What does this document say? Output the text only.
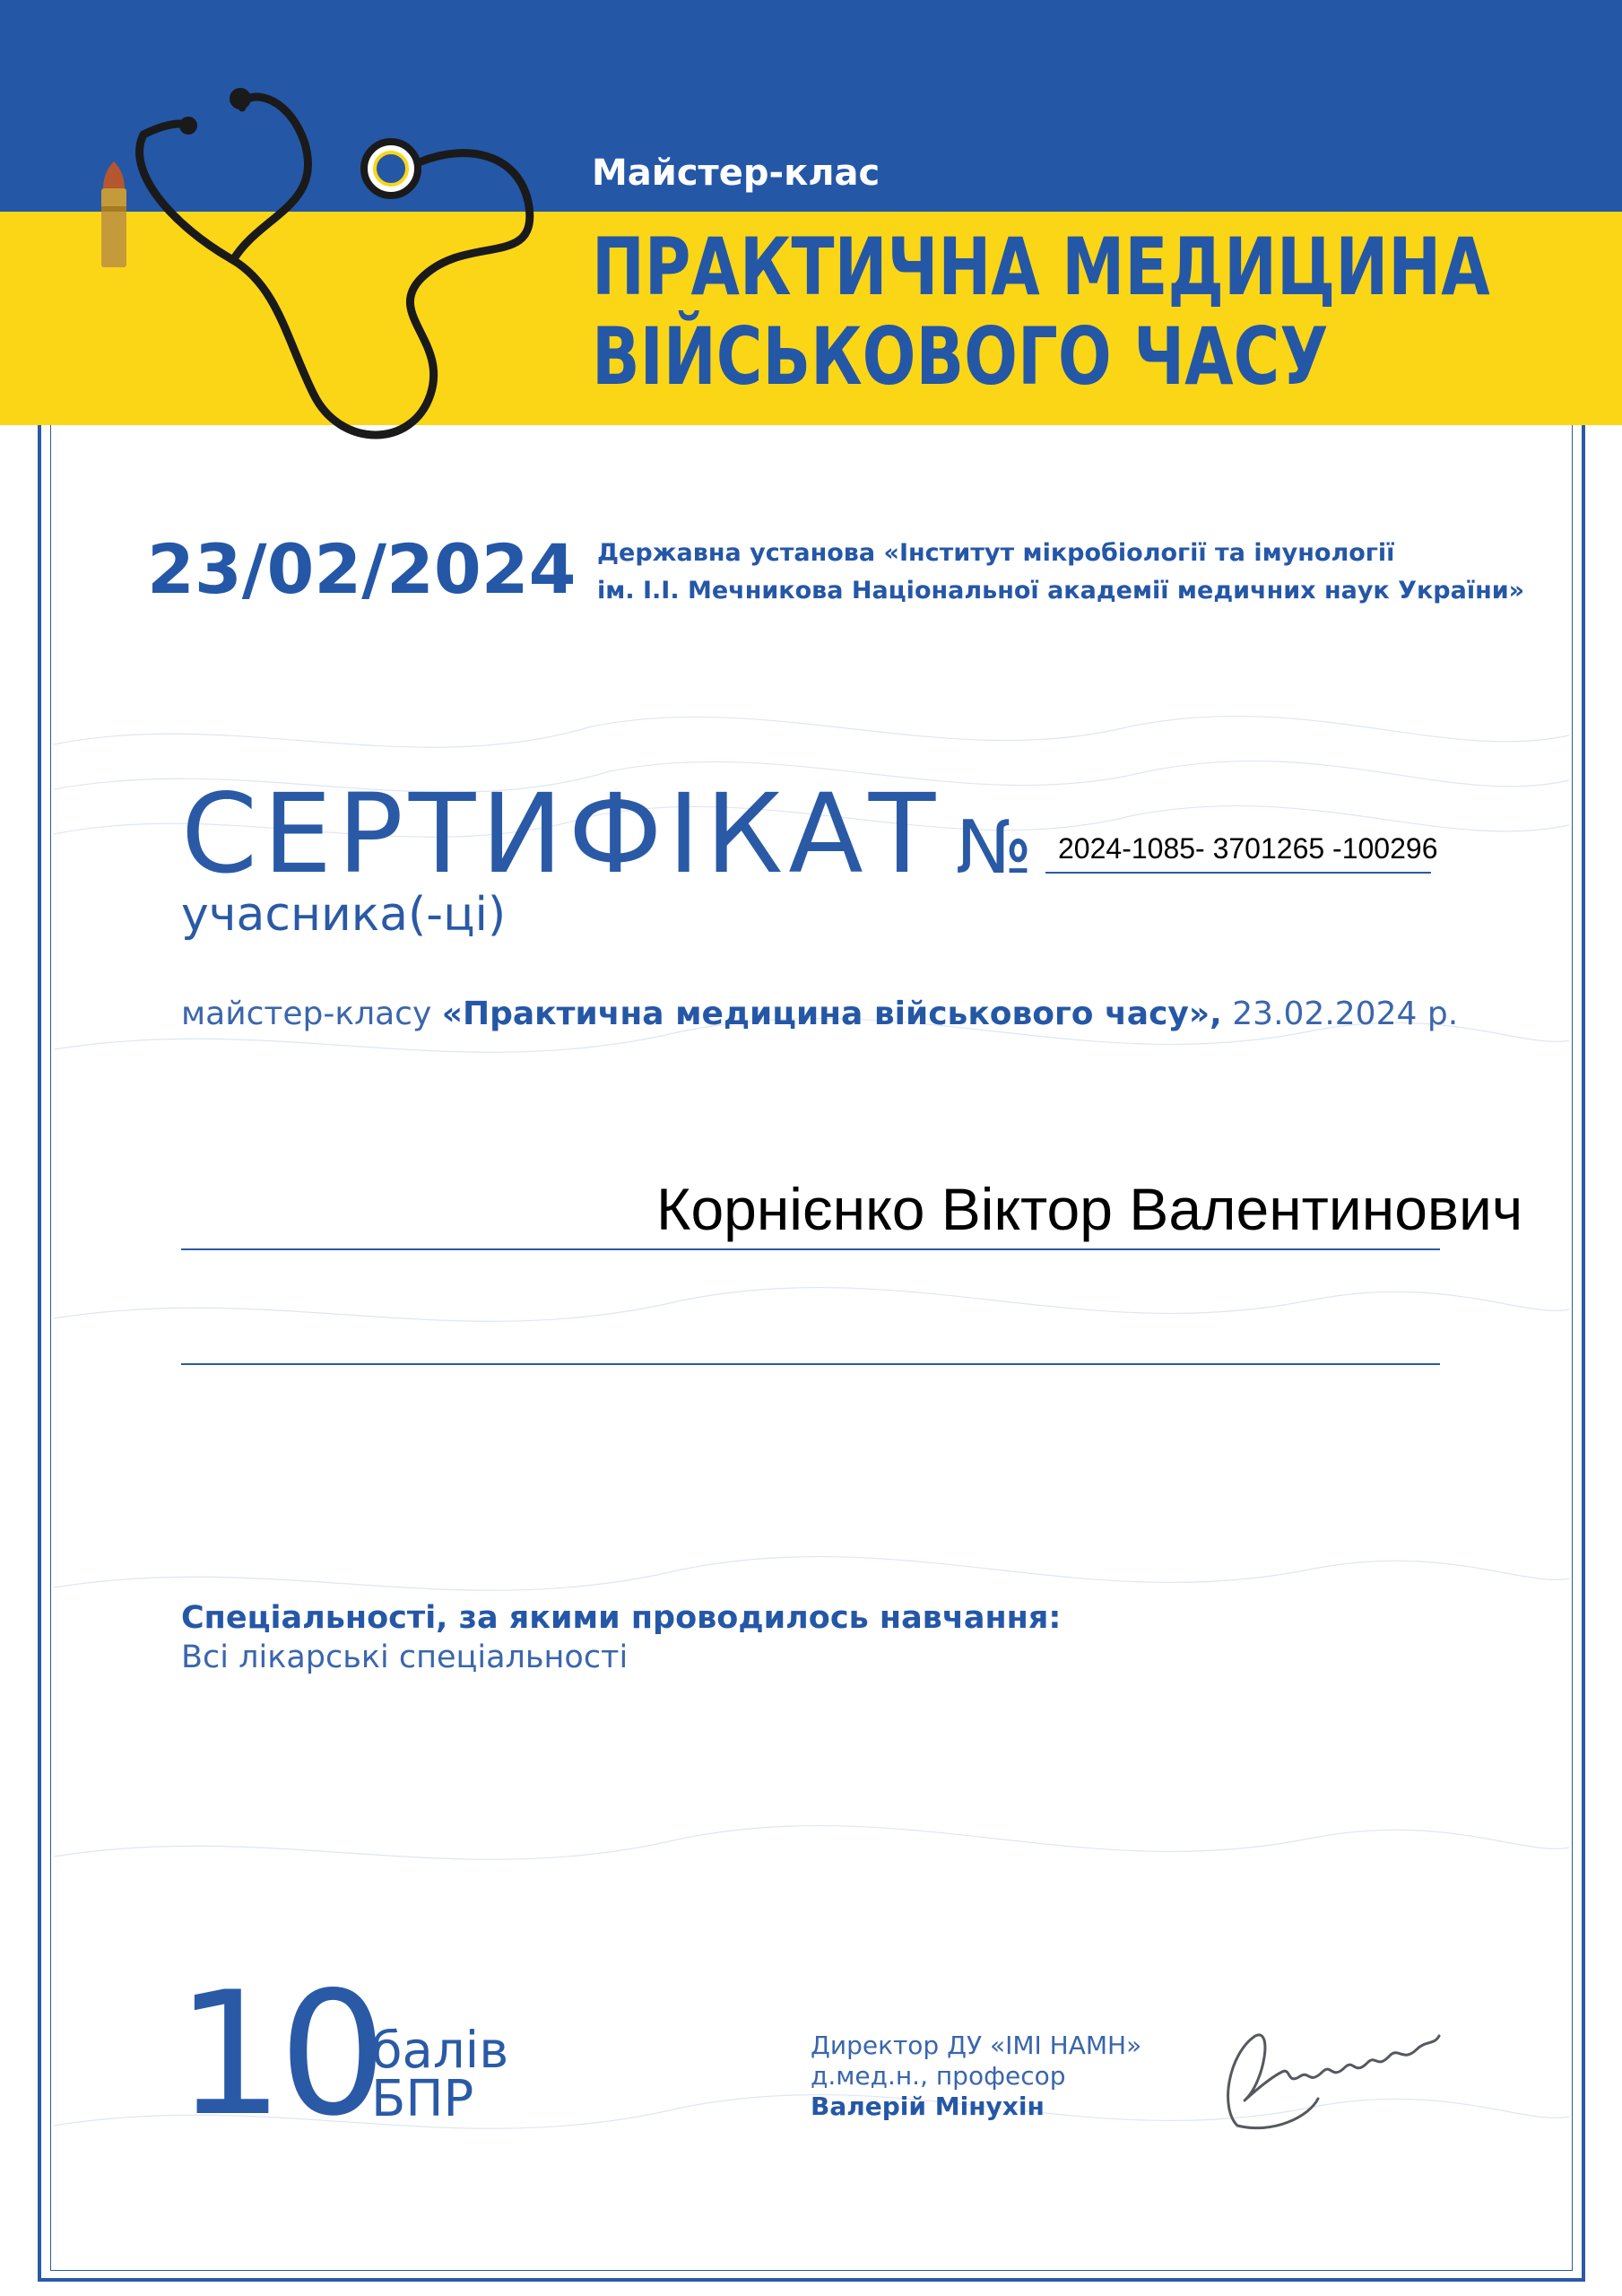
Майстер-клас
ПРАКТИЧНА МЕДИЦИНА
ВІЙСЬКОВОГО ЧАСУ
23/02/2024 Державна установа «Інститут мікробіології та імунології
ім. І.І. Мечникова Національної академії медичних наук України»
СЕРТИФІКАТ № 2024-1085- 3701265 -100296
учасника(-ці)
майстер-класу «Практична медицина військового часу», 23.02.2024 р.
Корнієнко Віктор Валентинович
Спеціальності, за якими проводилось навчання:
Всі лікарські спеціальності
10
балів
БПР
Директор ДУ «ІМІ НАМН»
д.мед.н., професор
Валерій Мінухін
